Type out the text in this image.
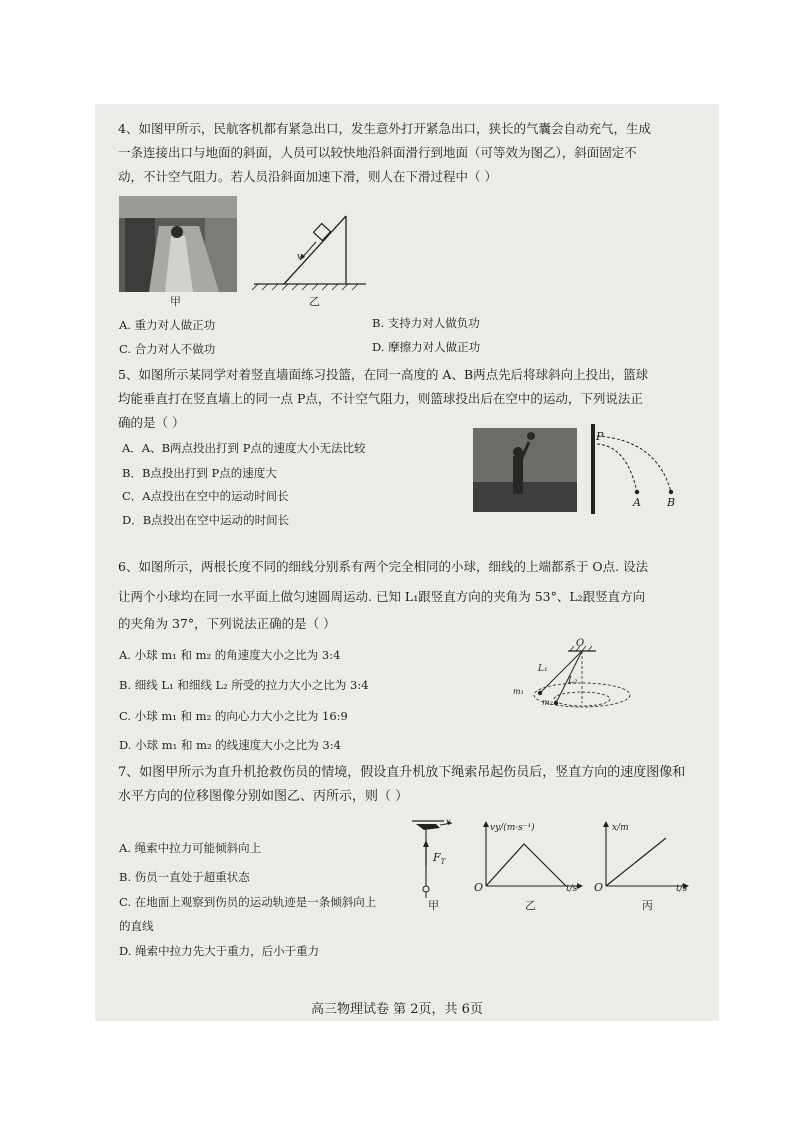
4、如图甲所示，民航客机都有紧急出口，发生意外打开紧急出口，狭长的气囊会自动充气，生成
一条连接出口与地面的斜面，人员可以较快地沿斜面滑行到地面（可等效为图乙），斜面固定不
动，不计空气阻力。若人员沿斜面加速下滑，则人在下滑过程中（ ）
甲
v
乙
A. 重力对人做正功	B. 支持力对人做负功
C. 合力对人不做功	D. 摩擦力对人做正功
5、如图所示某同学对着竖直墙面练习投篮，在同一高度的 A、B两点先后将球斜向上投出，篮球
均能垂直打在竖直墙上的同一点 P点，不计空气阻力，则篮球投出后在空中的运动，下列说法正
确的是（ ）
A．A、B两点投出打到 P点的速度大小无法比较
B．B点投出打到 P点的速度大
C．A点投出在空中的运动时间长
D．B点投出在空中运动的时间长
P
A B
6、如图所示，两根长度不同的细线分别系有两个完全相同的小球，细线的上端都系于 O点. 设法
让两个小球均在同一水平面上做匀速圆周运动. 已知 L₁跟竖直方向的夹角为 53°、L₂跟竖直方向
的夹角为 37°，下列说法正确的是（ ）
A. 小球 m₁ 和 m₂ 的角速度大小之比为 3:4
B. 细线 L₁ 和细线 L₂ 所受的拉力大小之比为 3:4
C. 小球 m₁ 和 m₂ 的向心力大小之比为 16:9
D. 小球 m₁ 和 m₂ 的线速度大小之比为 3:4
O
L₁
L₂
m₁
m₂
7、如图甲所示为直升机抢救伤员的情境，假设直升机放下绳索吊起伤员后，竖直方向的速度图像和
水平方向的位移图像分别如图乙、丙所示，则（ ）
A. 绳索中拉力可能倾斜向上
B. 伤员一直处于超重状态
C. 在地面上观察到伤员的运动轨迹是一条倾斜向上
的直线
D. 绳索中拉力先大于重力，后小于重力
v
$F_T$
甲
vy/(m·s⁻¹)
t/s
O
乙
x/m
t/s
O
丙
高三物理试卷 第 2页，共 6页
